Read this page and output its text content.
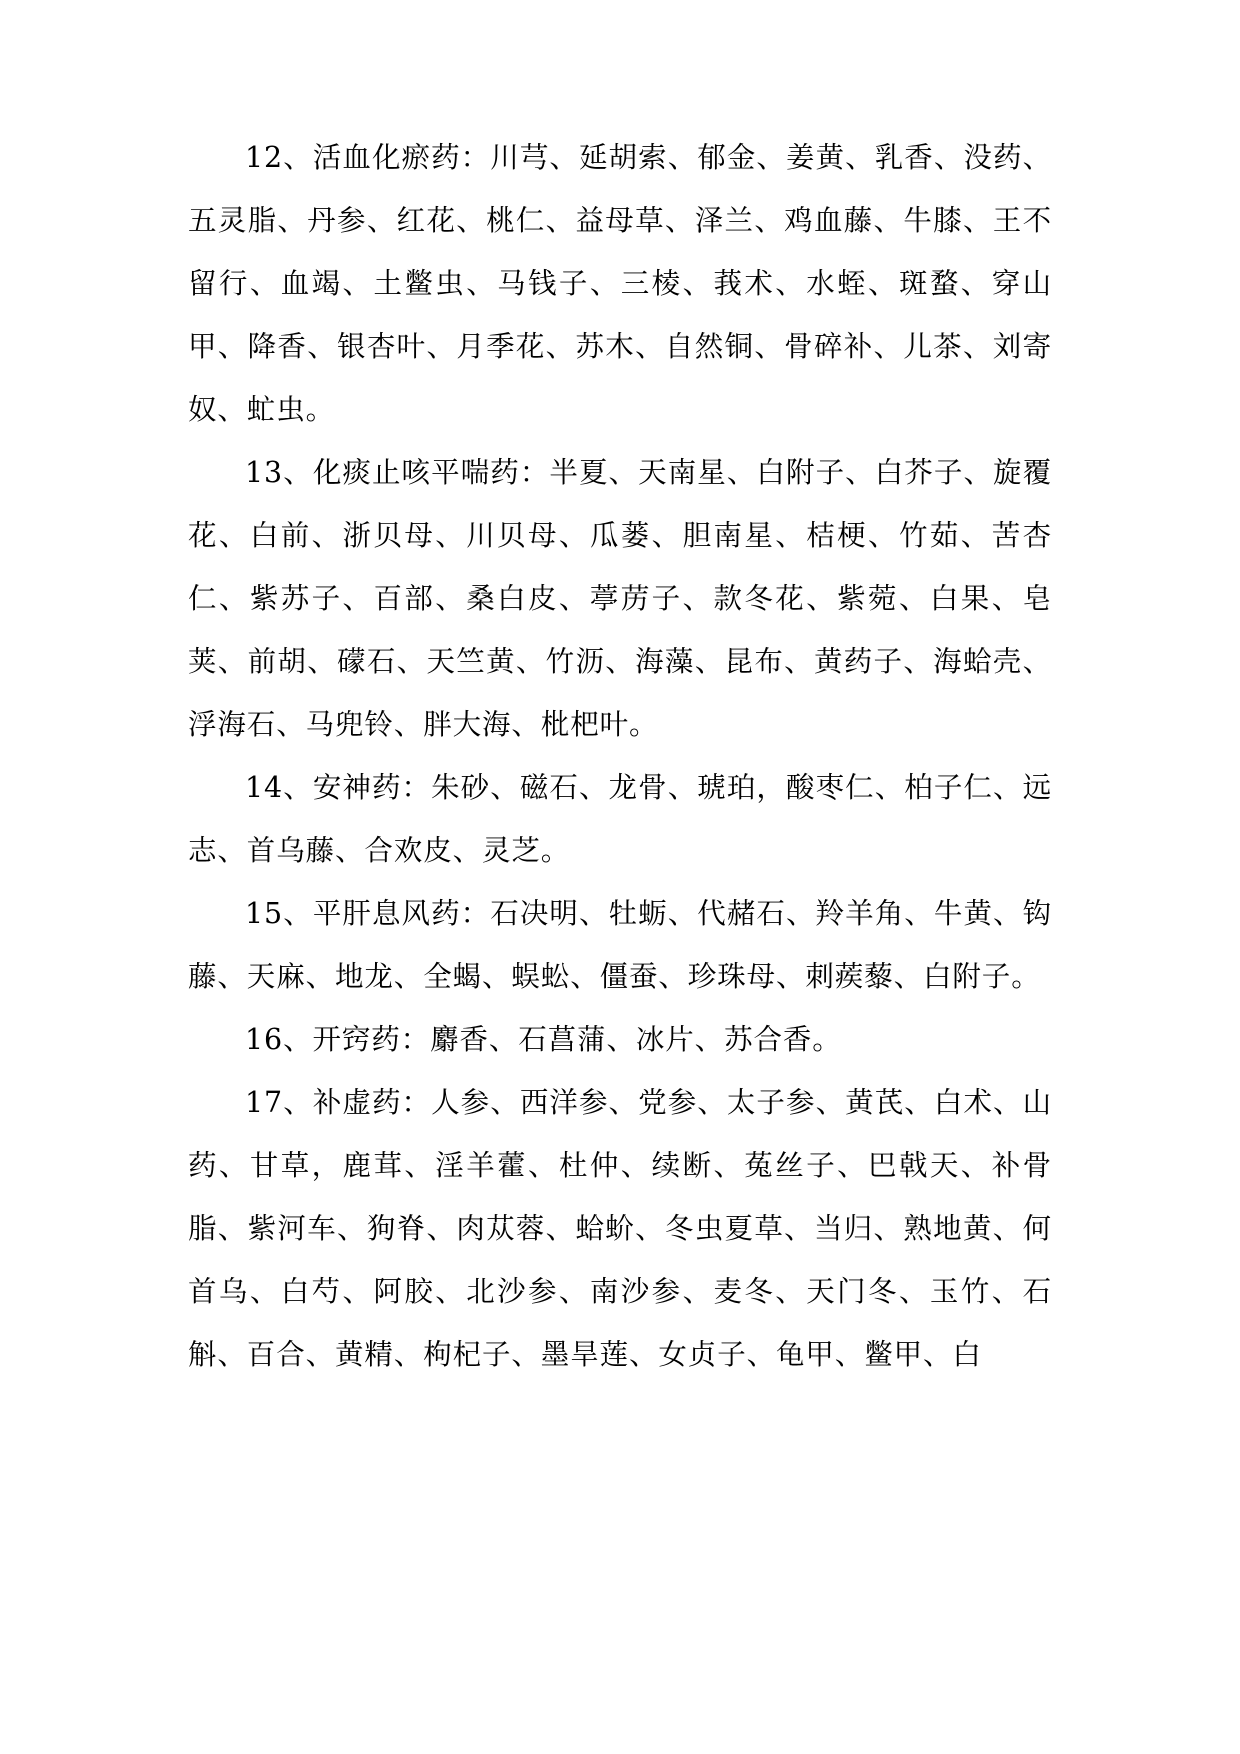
12、活血化瘀药：川芎、延胡索、郁金、姜黄、乳香、没药、五灵脂、丹参、红花、桃仁、益母草、泽兰、鸡血藤、牛膝、王不留行、血竭、土鳖虫、马钱子、三棱、莪术、水蛭、斑蝥、穿山甲、降香、银杏叶、月季花、苏木、自然铜、骨碎补、儿茶、刘寄奴、虻虫。

13、化痰止咳平喘药：半夏、天南星、白附子、白芥子、旋覆花、白前、浙贝母、川贝母、瓜蒌、胆南星、桔梗、竹茹、苦杏仁、紫苏子、百部、桑白皮、葶苈子、款冬花、紫菀、白果、皂荚、前胡、礞石、天竺黄、竹沥、海藻、昆布、黄药子、海蛤壳、浮海石、马兜铃、胖大海、枇杷叶。

14、安神药：朱砂、磁石、龙骨、琥珀，酸枣仁、柏子仁、远志、首乌藤、合欢皮、灵芝。

15、平肝息风药：石决明、牡蛎、代赭石、羚羊角、牛黄、钩藤、天麻、地龙、全蝎、蜈蚣、僵蚕、珍珠母、刺蒺藜、白附子。

16、开窍药：麝香、石菖蒲、冰片、苏合香。

17、补虚药：人参、西洋参、党参、太子参、黄芪、白术、山药、甘草，鹿茸、淫羊藿、杜仲、续断、菟丝子、巴戟天、补骨脂、紫河车、狗脊、肉苁蓉、蛤蚧、冬虫夏草、当归、熟地黄、何首乌、白芍、阿胶、北沙参、南沙参、麦冬、天门冬、玉竹、石斛、百合、黄精、枸杞子、墨旱莲、女贞子、龟甲、鳖甲、白
